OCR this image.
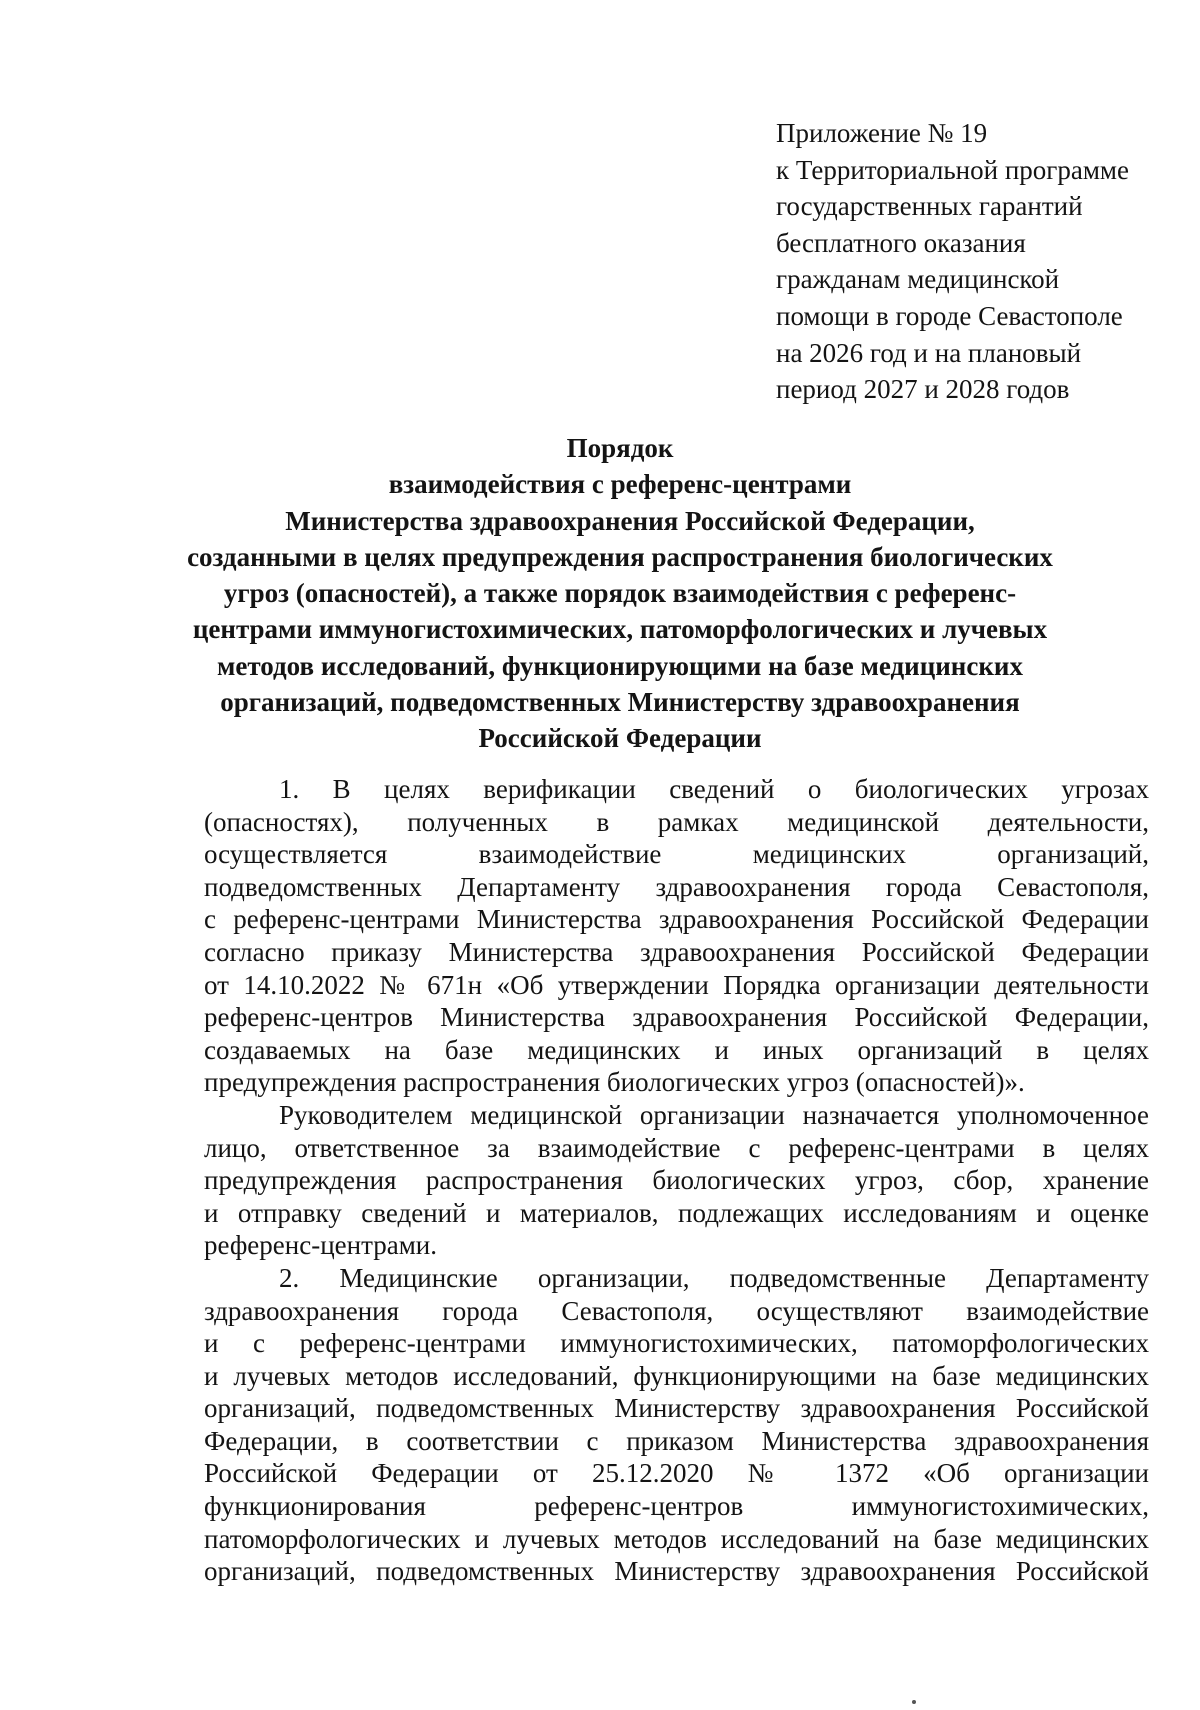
Приложение № 19
к Территориальной программе
государственных гарантий
бесплатного оказания
гражданам медицинской
помощи в городе Севастополе
на 2026 год и на плановый
период 2027 и 2028 годов
Порядок
взаимодействия с референс-центрами
Министерства здравоохранения Российской Федерации,
созданными в целях предупреждения распространения биологических
угроз (опасностей), а также порядок взаимодействия с референс-
центрами иммуногистохимических, патоморфологических и лучевых
методов исследований, функционирующими на базе медицинских
организаций, подведомственных Министерству здравоохранения
Российской Федерации
1. В целях верификации сведений о биологических угрозах
(опасностях), полученных в рамках медицинской деятельности,
осуществляется взаимодействие медицинских организаций,
подведомственных Департаменту здравоохранения города Севастополя,
с референс-центрами Министерства здравоохранения Российской Федерации
согласно приказу Министерства здравоохранения Российской Федерации
от 14.10.2022 № 671н «Об утверждении Порядка организации деятельности
референс-центров Министерства здравоохранения Российской Федерации,
создаваемых на базе медицинских и иных организаций в целях
предупреждения распространения биологических угроз (опасностей)».
Руководителем медицинской организации назначается уполномоченное
лицо, ответственное за взаимодействие с референс-центрами в целях
предупреждения распространения биологических угроз, сбор, хранение
и отправку сведений и материалов, подлежащих исследованиям и оценке
референс-центрами.
2. Медицинские организации, подведомственные Департаменту
здравоохранения города Севастополя, осуществляют взаимодействие
и с референс-центрами иммуногистохимических, патоморфологических
и лучевых методов исследований, функционирующими на базе медицинских
организаций, подведомственных Министерству здравоохранения Российской
Федерации, в соответствии с приказом Министерства здравоохранения
Российской Федерации от 25.12.2020 № 1372 «Об организации
функционирования референс-центров иммуногистохимических,
патоморфологических и лучевых методов исследований на базе медицинских
организаций, подведомственных Министерству здравоохранения Российской
